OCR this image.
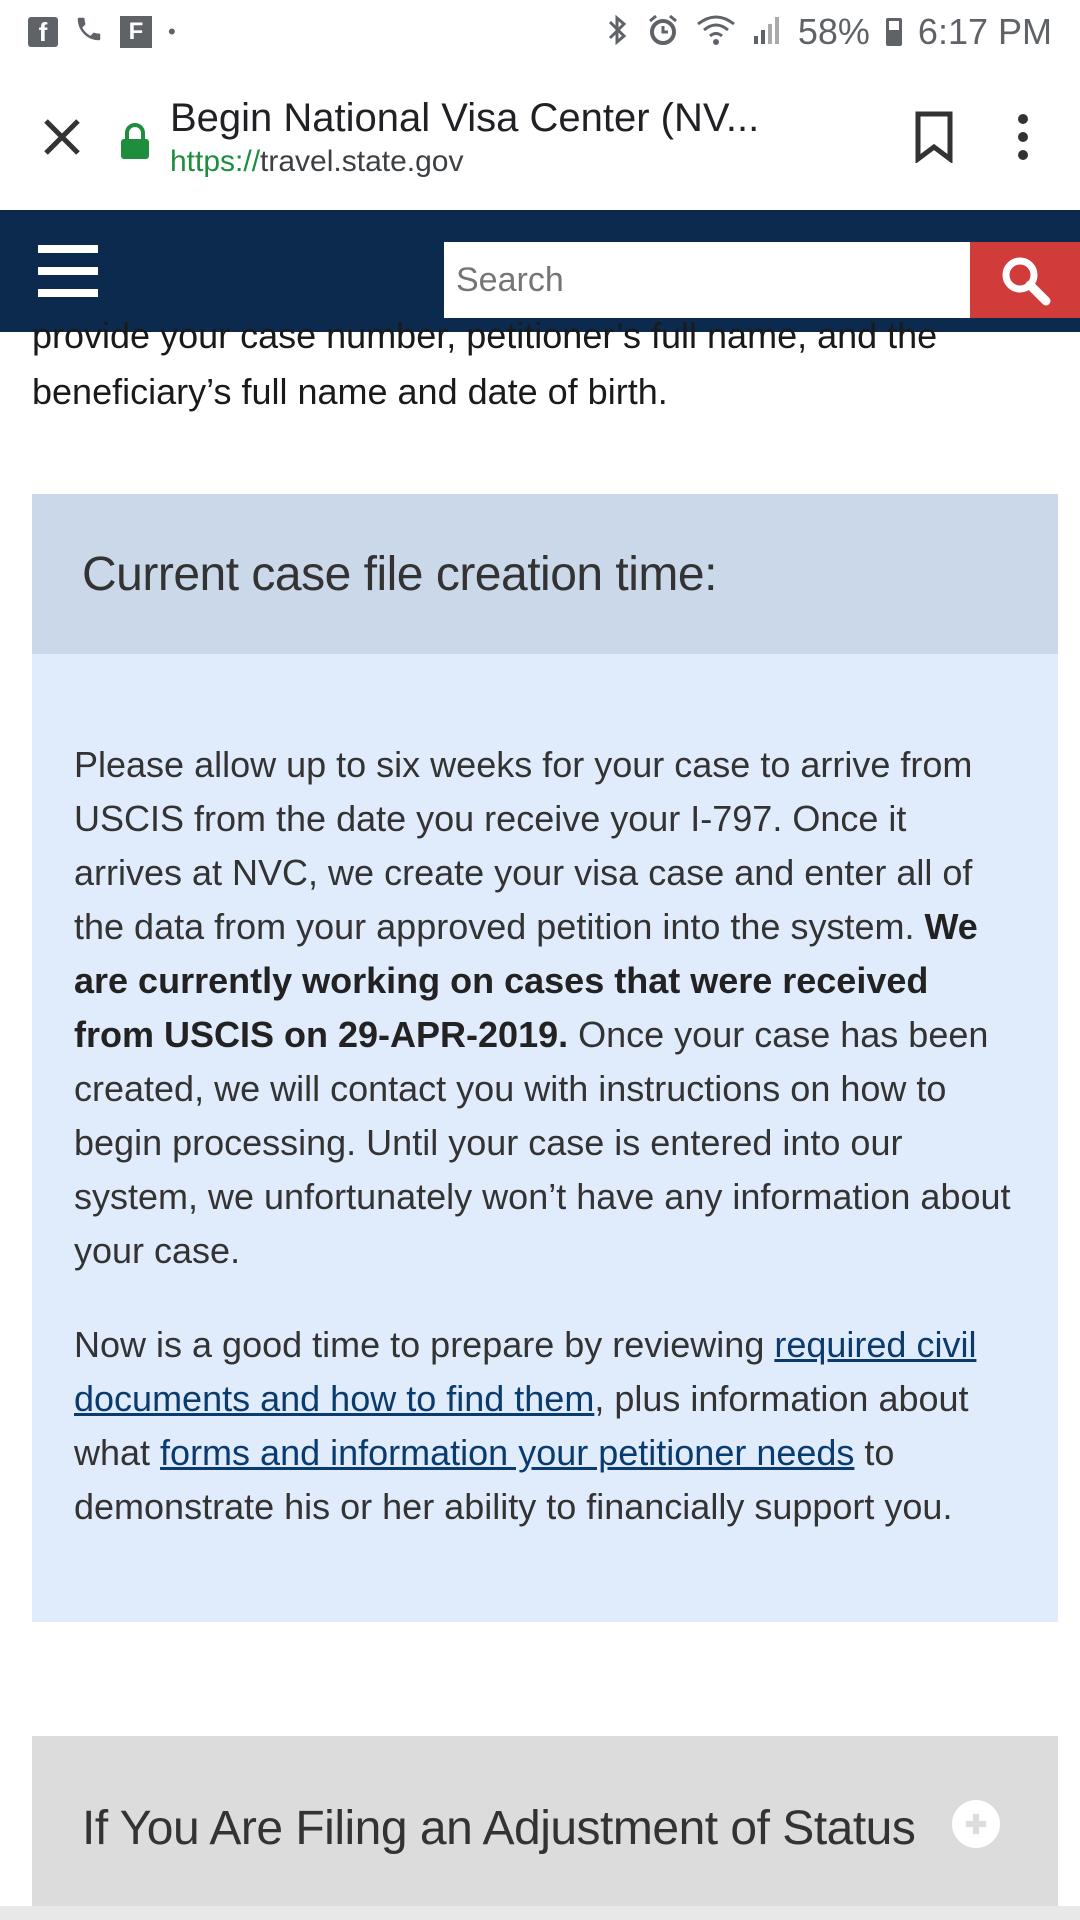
f	F	•	58% 6:17 PM
Begin National Visa Center (NV...
https://travel.state.gov
Search
provide your case number, petitioner’s full name, and the beneficiary’s full name and date of birth.
Current case file creation time:

Please allow up to six weeks for your case to arrive from USCIS from the date you receive your I-797. Once it arrives at NVC, we create your visa case and enter all of the data from your approved petition into the system. We are currently working on cases that were received from USCIS on 29-APR-2019. Once your case has been created, we will contact you with instructions on how to begin processing. Until your case is entered into our system, we unfortunately won’t have any information about your case.

Now is a good time to prepare by reviewing required civil documents and how to find them, plus information about what forms and information your petitioner needs to demonstrate his or her ability to financially support you.

If You Are Filing an Adjustment of Status
